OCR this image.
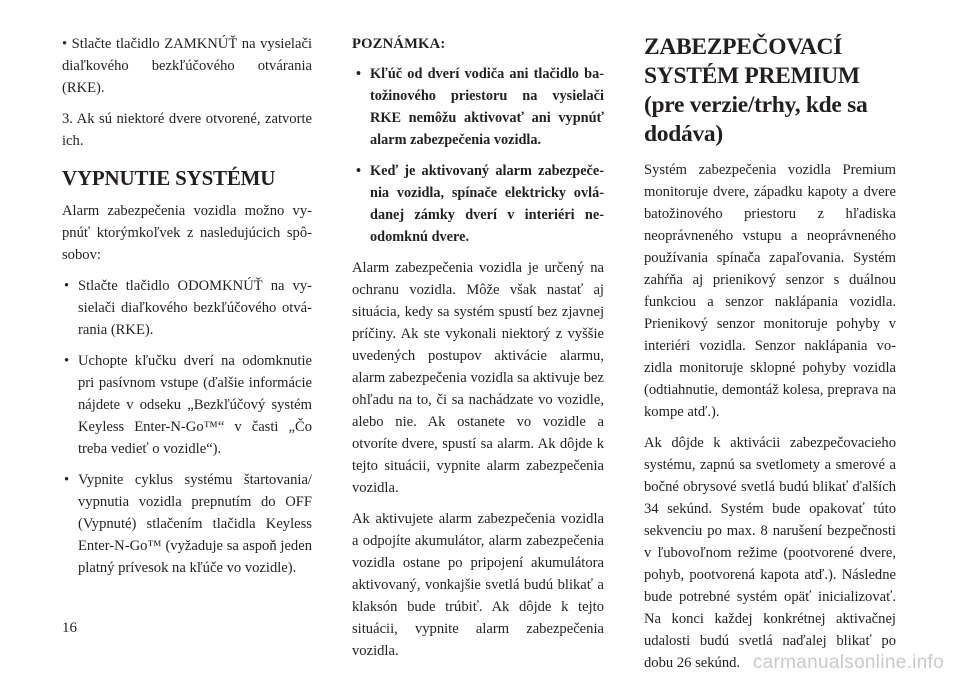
• Stlačte tlačidlo ZAMKNÚŤ na vysielači diaľkového bezkľúčového otvárania (RKE).

3. Ak sú niektoré dvere otvorené, zatvorte ich.

VYPNUTIE SYSTÉMU

Alarm zabezpečenia vozidla možno vypnúť ktorýmkoľvek z nasledujúcich spôsobov:

• Stlačte tlačidlo ODOMKNÚŤ na vysielači diaľkového bezkľúčového otvárania (RKE).
• Uchopte kľučku dverí na odomknutie pri pasívnom vstupe (ďalšie informácie nájdete v odseku „Bezkľúčový systém Keyless Enter-N-Go™“ v časti „Čo treba vedieť o vozidle“).
• Vypnite cyklus systému štartovania/ vypnutia vozidla prepnutím do OFF (Vypnuté) stlačením tlačidla Keyless Enter-N-Go™ (vyžaduje sa aspoň jeden platný prívesok na kľúče vo vozidle).

POZNÁMKA:

• Kľúč od dverí vodiča ani tlačidlo batožinového priestoru na vysielači RKE nemôžu aktivovať ani vypnúť alarm zabezpečenia vozidla.
• Keď je aktivovaný alarm zabezpečenia vozidla, spínače elektricky ovládanej zámky dverí v interiéri neodomknú dvere.

Alarm zabezpečenia vozidla je určený na ochranu vozidla. Môže však nastať aj situácia, kedy sa systém spustí bez zjavnej príčiny. Ak ste vykonali niektorý z vyššie uvedených postupov aktivácie alarmu, alarm zabezpečenia vozidla sa aktivuje bez ohľadu na to, či sa nachádzate vo vozidle, alebo nie. Ak ostanete vo vozidle a otvoríte dvere, spustí sa alarm. Ak dôjde k tejto situácii, vypnite alarm zabezpečenia vozidla.

Ak aktivujete alarm zabezpečenia vozidla a odpojíte akumulátor, alarm zabezpečenia vozidla ostane po pripojení akumulátora aktivovaný, vonkajšie svetlá budú blikať a klaksón bude trúbiť. Ak dôjde k tejto situácii, vypnite alarm zabezpečenia vozidla.

ZABEZPEČOVACÍ SYSTÉM PREMIUM (pre verzie/trhy, kde sa dodáva)

Systém zabezpečenia vozidla Premium monitoruje dvere, západku kapoty a dvere batožinového priestoru z hľadiska neoprávneného vstupu a neoprávneného používania spínača zapaľovania. Systém zahŕňa aj prienikový senzor s duálnou funkciou a senzor naklápania vozidla. Prienikový senzor monitoruje pohyby v interiéri vozidla. Senzor naklápania vozidla monitoruje sklopné pohyby vozidla (odtiahnutie, demontáž kolesa, preprava na kompe atď.).

Ak dôjde k aktivácii zabezpečovacieho systému, zapnú sa svetlomety a smerové a bočné obrysové svetlá budú blikať ďalších 34 sekúnd. Systém bude opakovať túto sekvenciu po max. 8 narušení bezpečnosti v ľubovoľnom režime (pootvorené dvere, pohyb, pootvorená kapota atď.). Následne bude potrebné systém opäť inicializovať. Na konci každej konkrétnej aktivačnej udalosti budú svetlá naďalej blikať po dobu 26 sekúnd.

16
carmanualsonline.info
